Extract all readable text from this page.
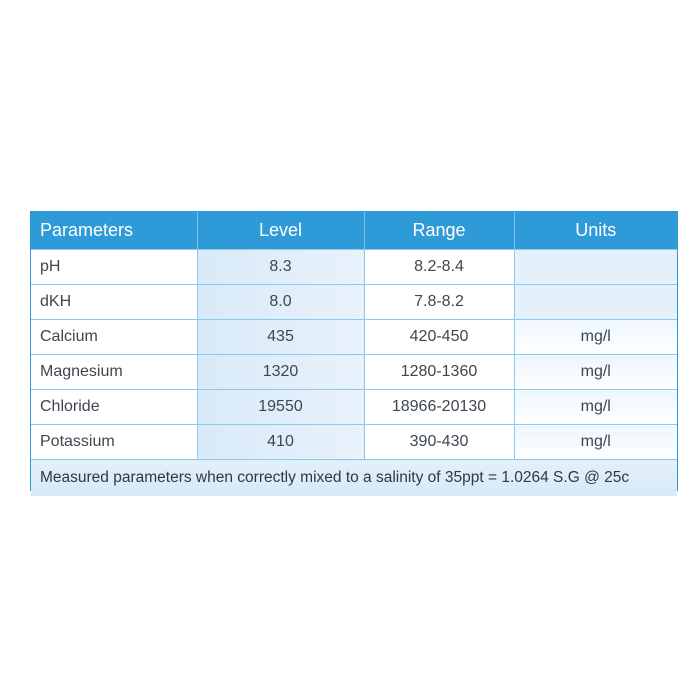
Parameters	Level	Range	Units
pH	8.3	8.2-8.4	
dKH	8.0	7.8-8.2	
Calcium	435	420-450	mg/l
Magnesium	1320	1280-1360	mg/l
Chloride	19550	18966-20130	mg/l
Potassium	410	390-430	mg/l
Measured parameters when correctly mixed to a salinity of 35ppt = 1.0264 S.G @ 25c			
